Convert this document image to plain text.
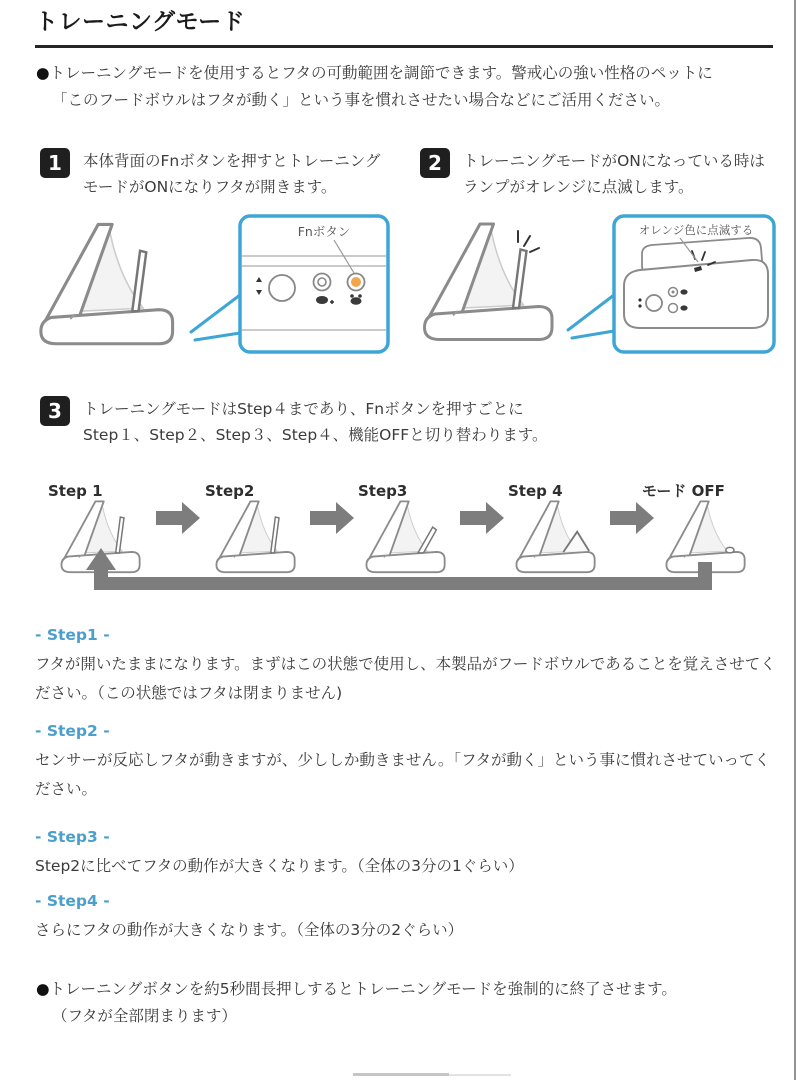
トレーニングモード
●トレーニングモードを使用するとフタの可動範囲を調節できます。警戒心の強い性格のペットに
「このフードボウルはフタが動く」という事を慣れさせたい場合などにご活用ください。
1	本体背面のFnボタンを押すとトレーニングモードがONになりフタが開きます。
2	トレーニングモードがONになっている時はランプがオレンジに点滅します。
Fnボタン	オレンジ色に点滅する
3	トレーニングモードはStep４まであり、Fnボタンを押すごとに
Step１、Step２、Step３、Step４、機能OFFと切り替わります。
Step 1	Step2	Step3	Step 4	モード OFF
- Step1 -
フタが開いたままになります。まずはこの状態で使用し、本製品がフードボウルであることを覚えさせてください。（この状態ではフタは閉まりません)
- Step2 -
センサーが反応しフタが動きますが、少ししか動きません。「フタが動く」という事に慣れさせていってください。
- Step3 -
Step2に比べてフタの動作が大きくなります。（全体の3分の1ぐらい）
- Step4 -
さらにフタの動作が大きくなります。（全体の3分の2ぐらい）
●トレーニングボタンを約5秒間長押しするとトレーニングモードを強制的に終了させます。
（フタが全部閉まります）
